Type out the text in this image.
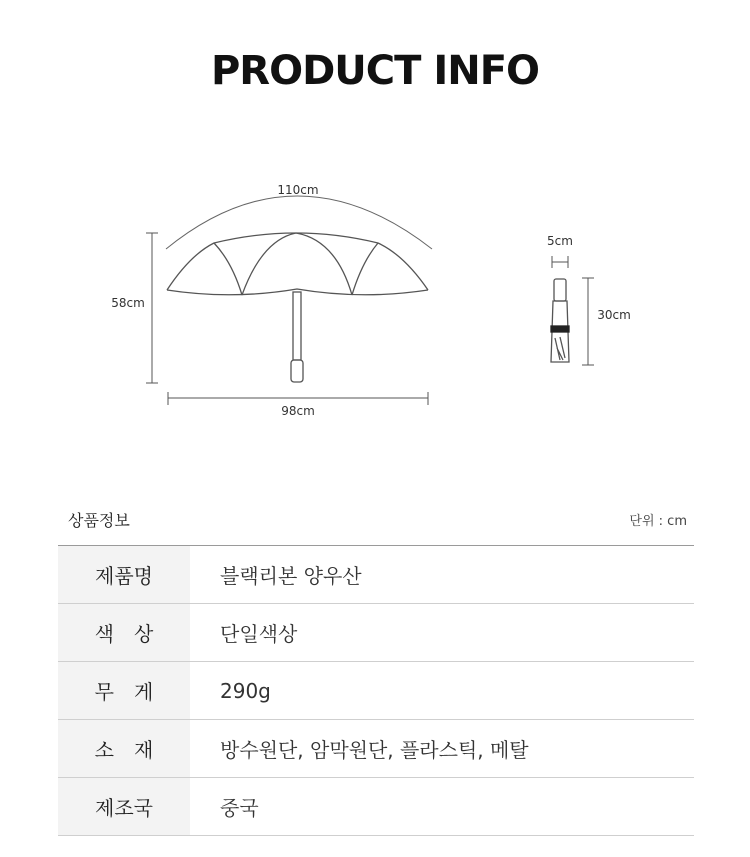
PRODUCT INFO
110cm
58cm
98cm
5cm
30cm
상품정보	단위 : cm
제품명	블랙리본 양우산
색　상	단일색상
무　게	290g
소　재	방수원단, 암막원단, 플라스틱, 메탈
제조국	중국
